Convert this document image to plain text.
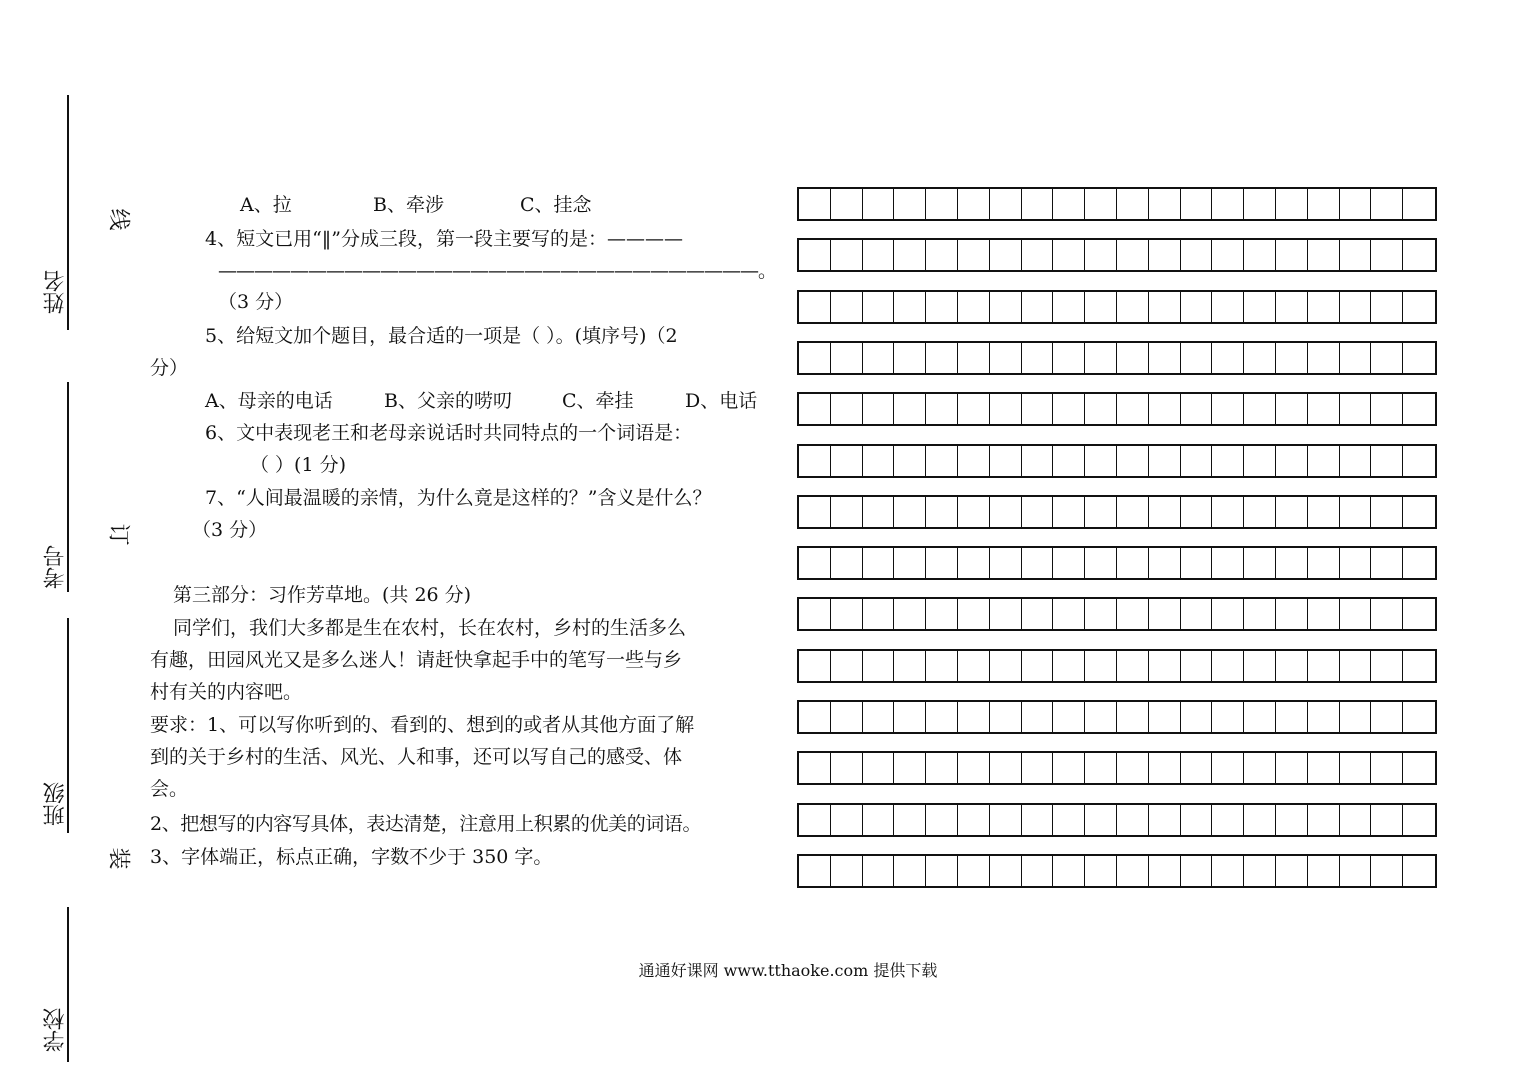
姓名
考号
班级
学校
线
订
装
A、拉	B、牵涉	C、挂念
4、短文已用“‖”分成三段，第一段主要写的是：————
——————————————————————————————。
（3 分）
5、给短文加个题目，最合适的一项是（ ）。(填序号)（2
分）
A、母亲的电话	B、父亲的唠叨	C、牵挂	D、电话
6、文中表现老王和老母亲说话时共同特点的一个词语是：
（ ）(1 分)
7、“人间最温暖的亲情，为什么竟是这样的？”含义是什么？
（3 分）
第三部分：习作芳草地。(共 26 分)
同学们，我们大多都是生在农村，长在农村，乡村的生活多么
有趣，田园风光又是多么迷人！请赶快拿起手中的笔写一些与乡
村有关的内容吧。
要求：1、可以写你听到的、看到的、想到的或者从其他方面了解
到的关于乡村的生活、风光、人和事，还可以写自己的感受、体
会。
2、把想写的内容写具体，表达清楚，注意用上积累的优美的词语。
3、字体端正，标点正确，字数不少于 350 字。
通通好课网 www.tthaoke.com 提供下载
